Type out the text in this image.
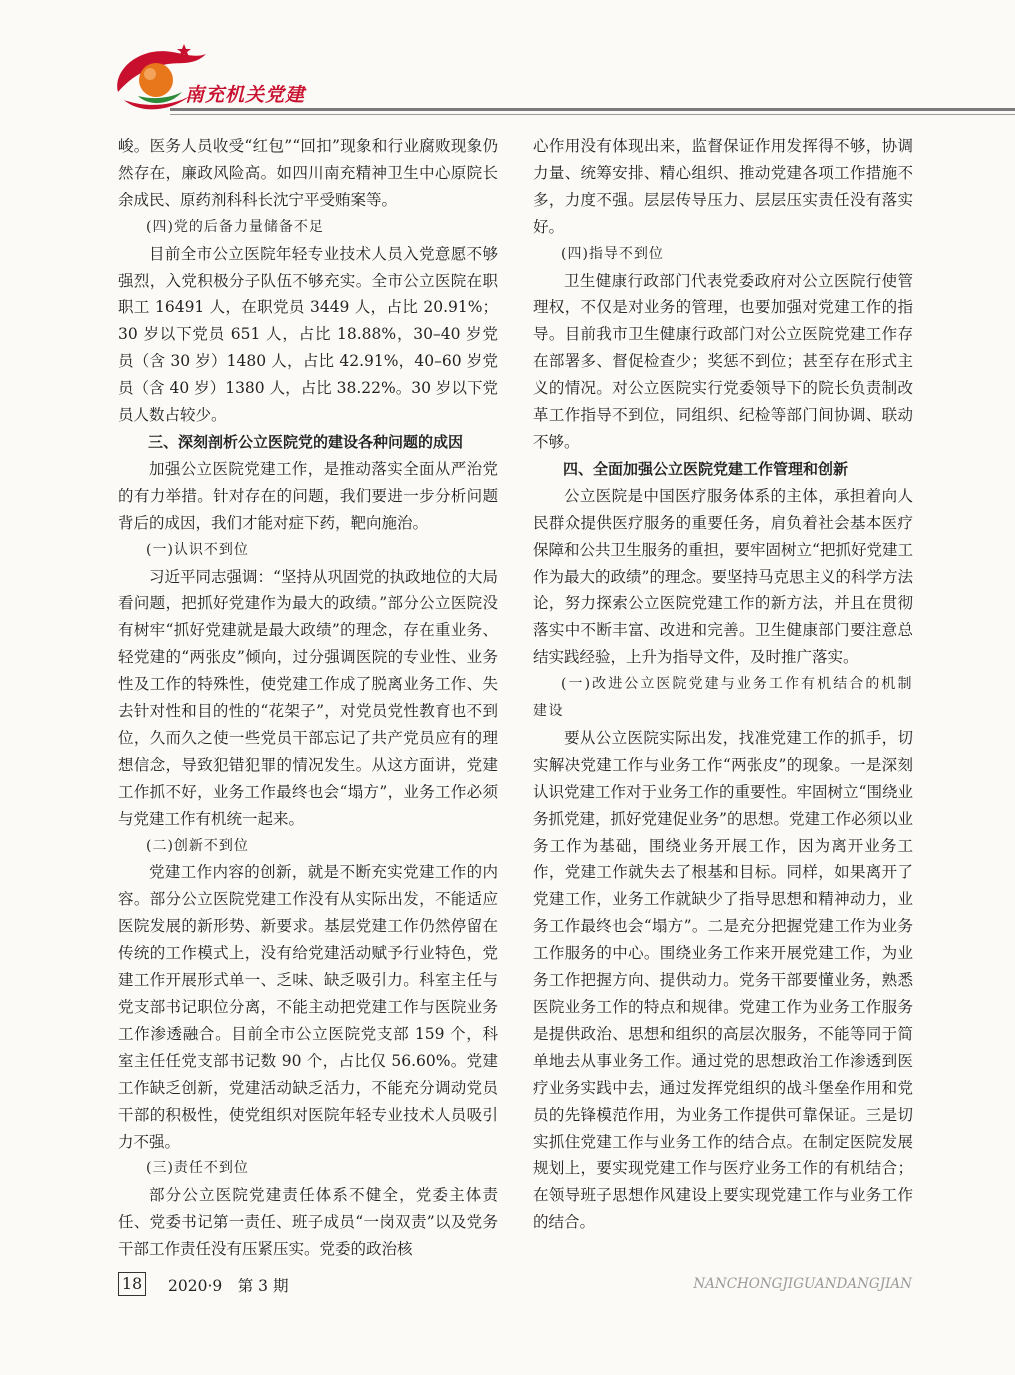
南充机关党建

峻。医务人员收受“红包”“回扣”现象和行业腐败现象仍然存在，廉政风险高。如四川南充精神卫生中心原院长余成民、原药剂科科长沈宁平受贿案等。

(四)党的后备力量储备不足

目前全市公立医院年轻专业技术人员入党意愿不够强烈，入党积极分子队伍不够充实。全市公立医院在职职工 16491 人，在职党员 3449 人，占比 20.91%；30 岁以下党员 651 人，占比 18.88%，30–40 岁党员（含 30 岁）1480 人，占比 42.91%，40–60 岁党员（含 40 岁）1380 人，占比 38.22%。30 岁以下党员人数占较少。

三、深刻剖析公立医院党的建设各种问题的成因

加强公立医院党建工作，是推动落实全面从严治党的有力举措。针对存在的问题，我们要进一步分析问题背后的成因，我们才能对症下药，靶向施治。

(一)认识不到位

习近平同志强调：“坚持从巩固党的执政地位的大局看问题，把抓好党建作为最大的政绩。”部分公立医院没有树牢“抓好党建就是最大政绩”的理念，存在重业务、轻党建的“两张皮”倾向，过分强调医院的专业性、业务性及工作的特殊性，使党建工作成了脱离业务工作、失去针对性和目的性的“花架子”，对党员党性教育也不到位，久而久之使一些党员干部忘记了共产党员应有的理想信念，导致犯错犯罪的情况发生。从这方面讲，党建工作抓不好，业务工作最终也会“塌方”，业务工作必须与党建工作有机统一起来。

(二)创新不到位

党建工作内容的创新，就是不断充实党建工作的内容。部分公立医院党建工作没有从实际出发，不能适应医院发展的新形势、新要求。基层党建工作仍然停留在传统的工作模式上，没有给党建活动赋予行业特色，党建工作开展形式单一、乏味、缺乏吸引力。科室主任与党支部书记职位分离，不能主动把党建工作与医院业务工作渗透融合。目前全市公立医院党支部 159 个，科室主任任党支部书记数 90 个，占比仅 56.60%。党建工作缺乏创新，党建活动缺乏活力，不能充分调动党员干部的积极性，使党组织对医院年轻专业技术人员吸引力不强。

(三)责任不到位

部分公立医院党建责任体系不健全，党委主体责任、党委书记第一责任、班子成员“一岗双责”以及党务干部工作责任没有压紧压实。党委的政治核

心作用没有体现出来，监督保证作用发挥得不够，协调力量、统筹安排、精心组织、推动党建各项工作措施不多，力度不强。层层传导压力、层层压实责任没有落实好。

(四)指导不到位

卫生健康行政部门代表党委政府对公立医院行使管理权，不仅是对业务的管理，也要加强对党建工作的指导。目前我市卫生健康行政部门对公立医院党建工作存在部署多、督促检查少；奖惩不到位；甚至存在形式主义的情况。对公立医院实行党委领导下的院长负责制改革工作指导不到位，同组织、纪检等部门间协调、联动不够。

四、全面加强公立医院党建工作管理和创新

公立医院是中国医疗服务体系的主体，承担着向人民群众提供医疗服务的重要任务，肩负着社会基本医疗保障和公共卫生服务的重担，要牢固树立“把抓好党建工作为最大的政绩”的理念。要坚持马克思主义的科学方法论，努力探索公立医院党建工作的新方法，并且在贯彻落实中不断丰富、改进和完善。卫生健康部门要注意总结实践经验，上升为指导文件，及时推广落实。

(一)改进公立医院党建与业务工作有机结合的机制建设

要从公立医院实际出发，找准党建工作的抓手，切实解决党建工作与业务工作“两张皮”的现象。一是深刻认识党建工作对于业务工作的重要性。牢固树立“围绕业务抓党建，抓好党建促业务”的思想。党建工作必须以业务工作为基础，围绕业务开展工作，因为离开业务工作，党建工作就失去了根基和目标。同样，如果离开了党建工作，业务工作就缺少了指导思想和精神动力，业务工作最终也会“塌方”。二是充分把握党建工作为业务工作服务的中心。围绕业务工作来开展党建工作，为业务工作把握方向、提供动力。党务干部要懂业务，熟悉医院业务工作的特点和规律。党建工作为业务工作服务是提供政治、思想和组织的高层次服务，不能等同于简单地去从事业务工作。通过党的思想政治工作渗透到医疗业务实践中去，通过发挥党组织的战斗堡垒作用和党员的先锋模范作用，为业务工作提供可靠保证。三是切实抓住党建工作与业务工作的结合点。在制定医院发展规划上，要实现党建工作与医疗业务工作的有机结合；在领导班子思想作风建设上要实现党建工作与业务工作的结合。

18 2020·9　第 3 期	NANCHONGJIGUANDANGJIAN
